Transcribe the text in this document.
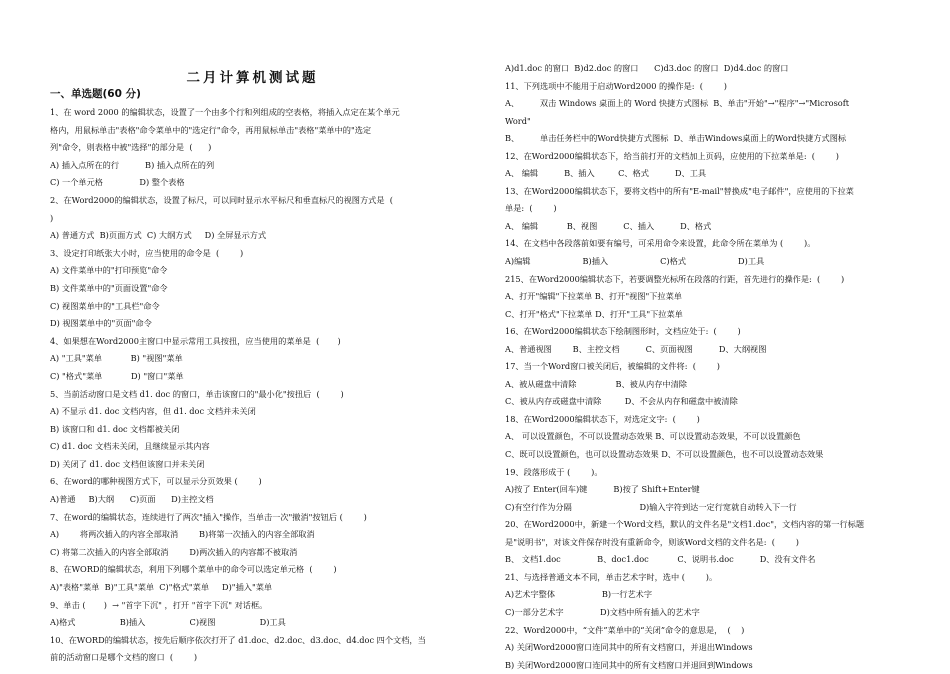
二月计算机测试题
一、单选题(60 分)
1、在 word 2000 的编辑状态，设置了一个由多个行和列组成的空表格，将插入点定在某个单元
格内，用鼠标单击"表格"命令菜单中的"选定行"命令，再用鼠标单击"表格"菜单中的"选定
列"命令，则表格中被"选择"的部分是  (      )
A) 插入点所在的行          B) 插入点所在的列
C) 一个单元格              D) 整个表格
2、在Word2000的编辑状态，设置了标尺，可以同时显示水平标尺和垂直标尺的视图方式是  (
)
A) 普通方式  B)页面方式  C) 大纲方式     D) 全屏显示方式
3、设定打印纸张大小时，应当使用的命令是  (        )
A) 文件菜单中的"打印预览"命令
B) 文件菜单中的"页面设置"命令
C) 视图菜单中的"工具栏"命令
D) 视图菜单中的"页面"命令
4、如果想在Word2000主窗口中显示常用工具按扭，应当使用的菜单是  (       )
A) "工具"菜单           B) "视图"菜单
C) "格式"菜单           D) "窗口"菜单
5、当前活动窗口是文档 d1. doc 的窗口，单击该窗口的"最小化"按扭后  (        )
A) 不显示 d1. doc 文档内容，但 d1. doc 文档并未关闭
B) 该窗口和 d1. doc 文档都被关闭
C) d1. doc 文档未关闭，且继续显示其内容
D) 关闭了 d1. doc 文档但该窗口并未关闭
6、在word的哪种视图方式下，可以显示分页效果 (        )
A)普通     B)大纲      C)页面      D)主控文档
7、在word的编辑状态，连续进行了两次"插入"操作，当单击一次"撤消"按钮后 (        )
A)        将两次插入的内容全部取消        B)将第一次插入的内容全部取消
C) 将第二次插入的内容全部取消        D)两次插入的内容都不被取消
8、在WORD的编辑状态，利用下列哪个菜单中的命令可以选定单元格  (        )
A)"表格"菜单  B)"工具"菜单  C)"格式"菜单     D)"插入"菜单
9、单击 (       )  → "首字下沉" ，打开 "首字下沉" 对话框。
A)格式                 B)插入                 C)视图                 D)工具
10、在WORD的编辑状态，按先后顺序依次打开了 d1.doc、d2.doc、d3.doc、d4.doc 四个文档，当
前的活动窗口是哪个文档的窗口  (        )
A)d1.doc 的窗口  B)d2.doc 的窗口      C)d3.doc 的窗口  D)d4.doc 的窗口
11、下列选项中不能用于启动Word2000 的操作是:  (        )
A、        双击 Windows 桌面上的 Word 快捷方式图标  B、单击"开始"→"程序"→"Microsoft
Word"
B、        单击任务栏中的Word快捷方式图标  D、单击Windows桌面上的Word快捷方式图标
12、在Word2000编辑状态下，给当前打开的文档加上页码，应使用的下拉菜单是:  (        )
A、 编辑          B、插入         C、格式          D、工具
13、在Word2000编辑状态下，要将文档中的所有"E-mail"替换成"电子邮件"，应使用的下拉菜
单是:  (        )
A、 编辑           B、视图          C、插入          D、格式
14、在文档中各段落前如要有编号，可采用命令来设置，此命令所在菜单为 (        )。
A)编辑                    B)插入                    C)格式                    D)工具
215、在Word2000编辑状态下，若要调整光标所在段落的行距，首先进行的操作是:  (        )
A、打开"编辑"下拉菜单 B、打开"视图"下拉菜单
C、打开"格式"下拉菜单 D、打开"工具"下拉菜单
16、在Word2000编辑状态下绘制图形时，文档应处于:  (        )
A、普通视图        B、主控文档          C、页面视图          D、大纲视图
17、当一个Word窗口被关闭后，被编辑的文件将:  (        )
A、被从磁盘中清除               B、被从内存中清除
C、被从内存或磁盘中清除         D、不会从内存和磁盘中被清除
18、在Word2000编辑状态下，对选定文字:  (        )
A、 可以设置颜色，不可以设置动态效果 B、可以设置动态效果，不可以设置颜色
C、既可以设置颜色，也可以设置动态效果 D、不可以设置颜色，也不可以设置动态效果
19、段落形成于 (        )。
A)按了 Enter(回车)键          B)按了 Shift+Enter键
C)有空行作为分隔                          D)输入字符到达一定行宽就自动转入下一行
20、在Word2000中，新建一个Word文档，默认的文件名是"文档1.doc"，文档内容的第一行标题
是"说明书"，对该文件保存时没有重新命令，则该Word文档的文件名是:  (        )
B、 文档1.doc              B、doc1.doc           C、说明书.doc          D、没有文件名
21、与选择普通文本不同，单击艺术字时，选中 (        )。
A)艺术字整体                  B)一行艺术字
C)一部分艺术字              D)文档中所有插入的艺术字
22、Word2000中，“文件”菜单中的“关闭”命令的意思是，  (    )
A) 关闭Word2000窗口连同其中的所有文档窗口，并退出Windows
B) 关闭Word2000窗口连同其中的所有文档窗口并退回到Windows
